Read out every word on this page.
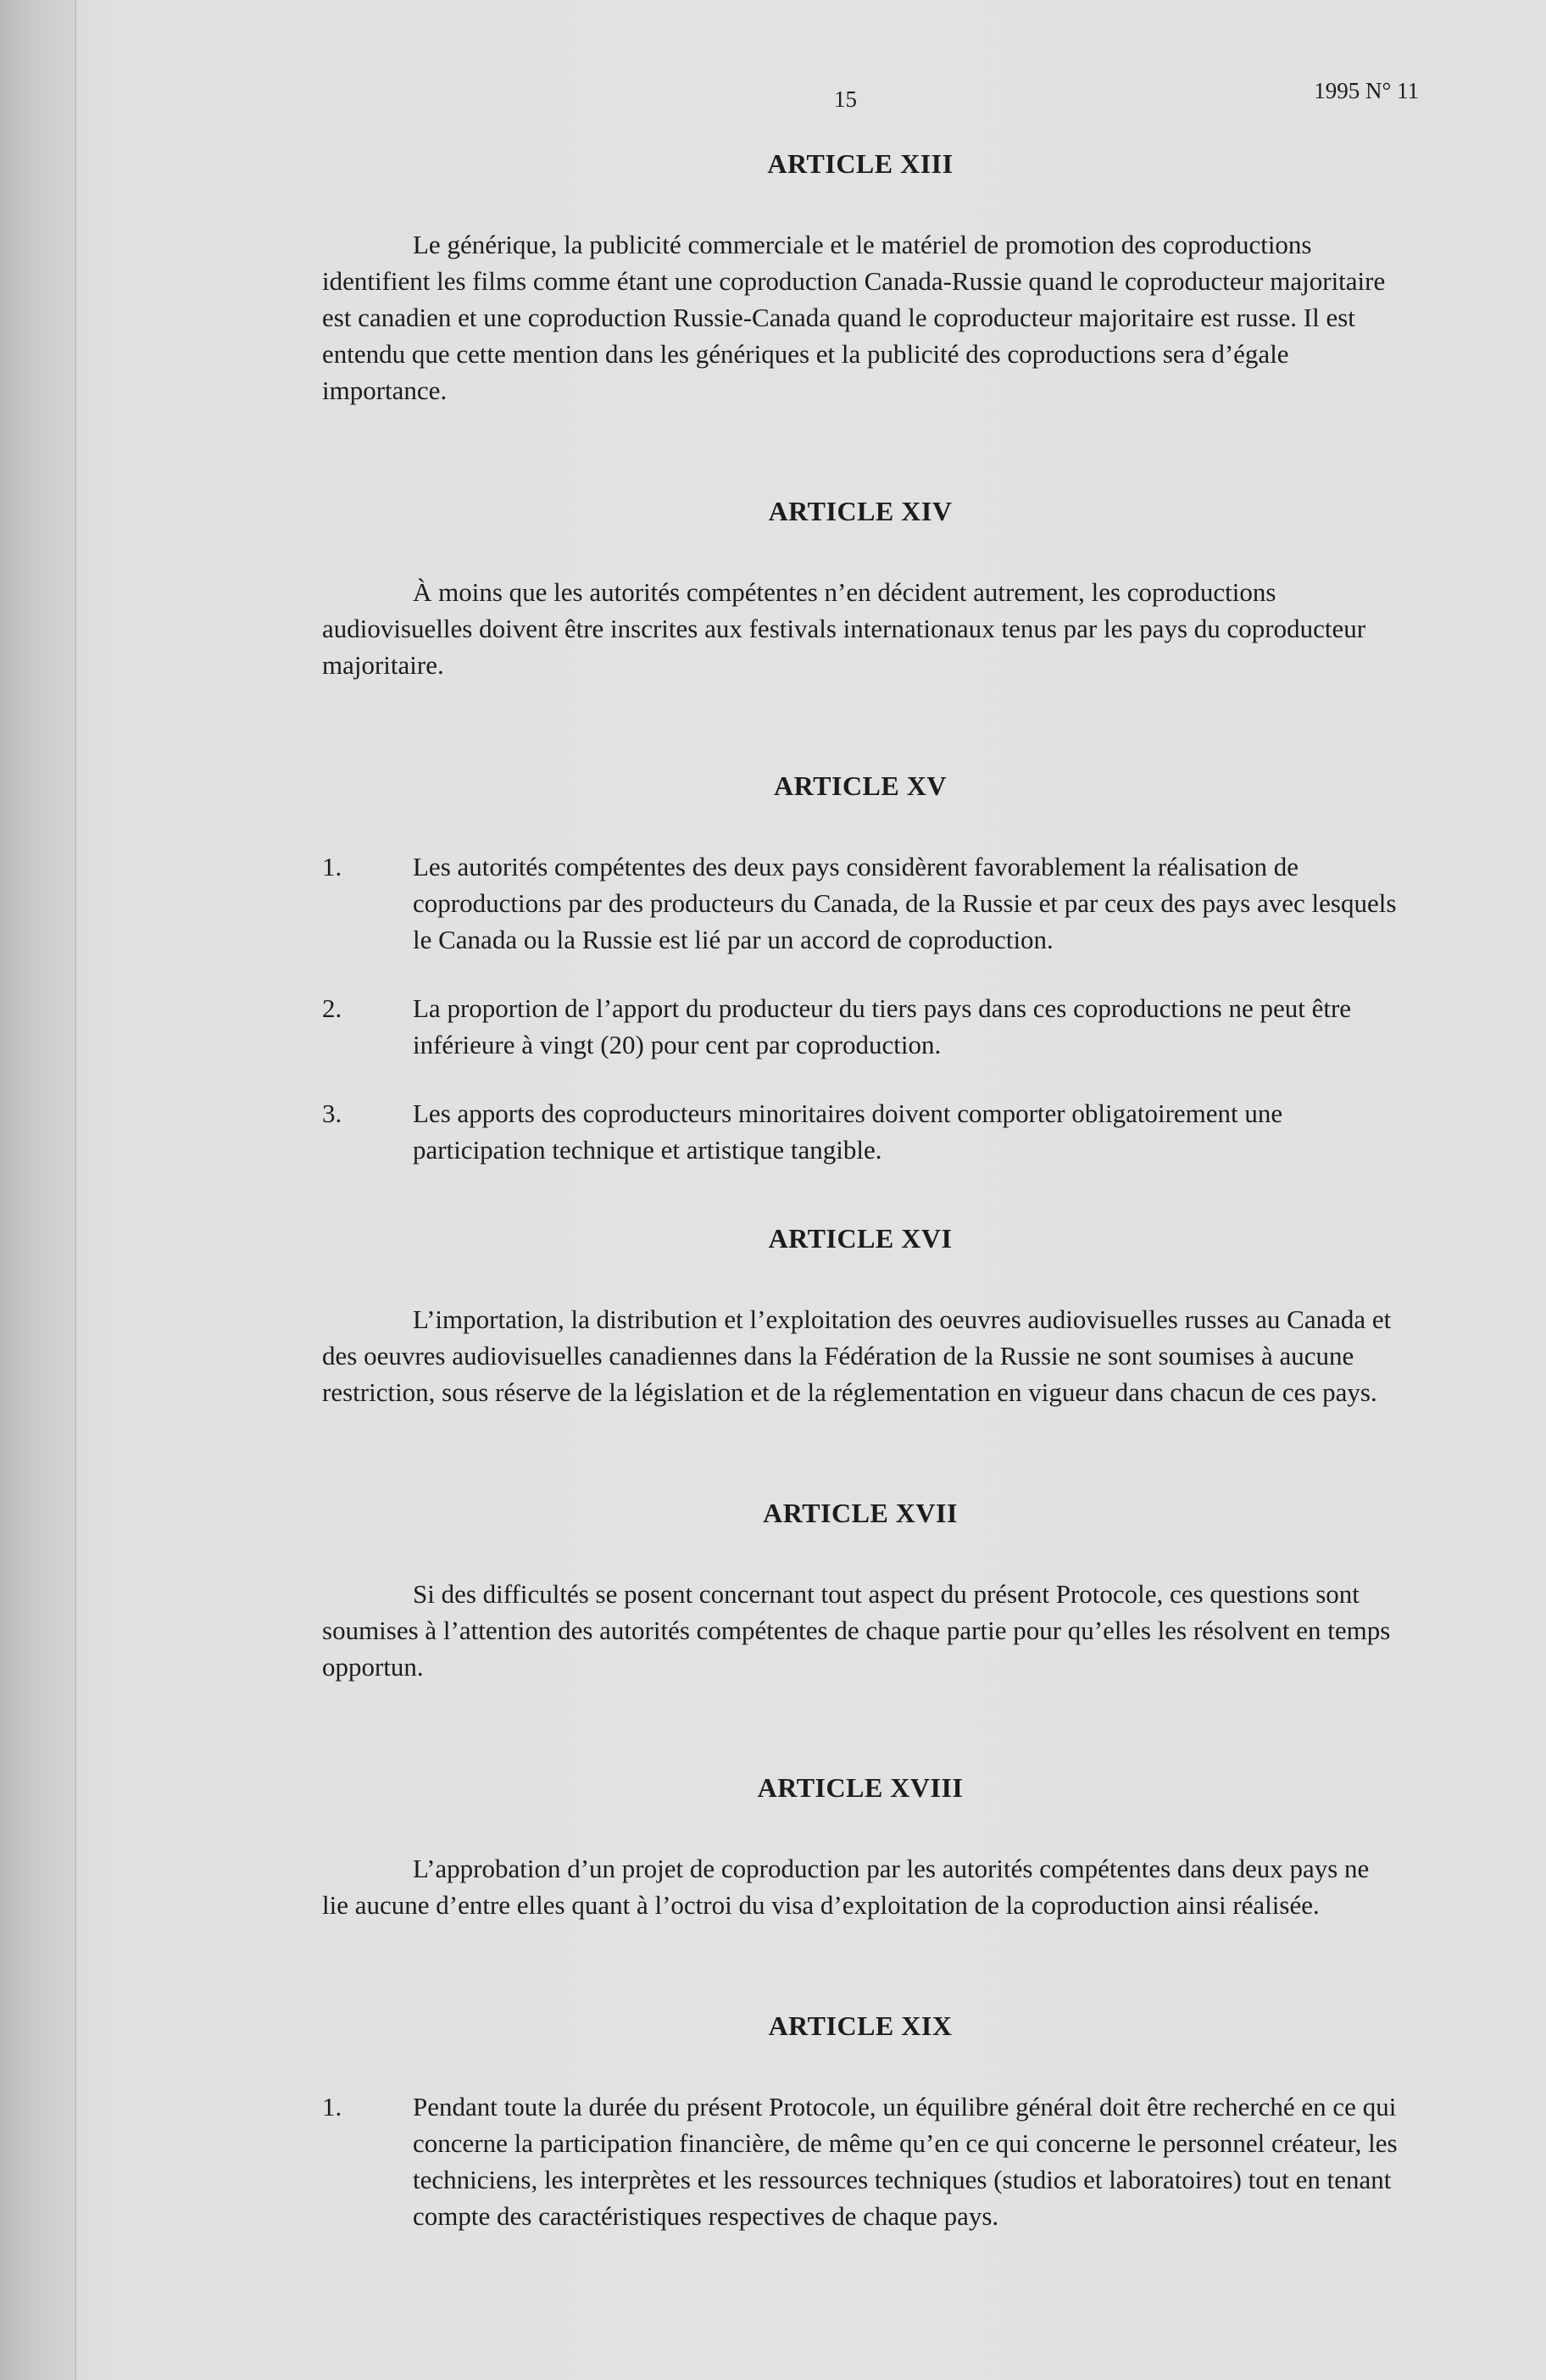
15	1995 N° 11
ARTICLE XIII

Le générique, la publicité commerciale et le matériel de promotion des coproductions identifient les films comme étant une coproduction Canada-Russie quand le coproducteur majoritaire est canadien et une coproduction Russie-Canada quand le coproducteur majoritaire est russe. Il est entendu que cette mention dans les génériques et la publicité des coproductions sera d’égale importance.

ARTICLE XIV

À moins que les autorités compétentes n’en décident autrement, les coproductions audiovisuelles doivent être inscrites aux festivals internationaux tenus par les pays du coproducteur majoritaire.

ARTICLE XV
1.	Les autorités compétentes des deux pays considèrent favorablement la réalisation de coproductions par des producteurs du Canada, de la Russie et par ceux des pays avec lesquels le Canada ou la Russie est lié par un accord de coproduction.
2.	La proportion de l’apport du producteur du tiers pays dans ces coproductions ne peut être inférieure à vingt (20) pour cent par coproduction.
3.	Les apports des coproducteurs minoritaires doivent comporter obligatoirement une participation technique et artistique tangible.
ARTICLE XVI

L’importation, la distribution et l’exploitation des oeuvres audiovisuelles russes au Canada et des oeuvres audiovisuelles canadiennes dans la Fédération de la Russie ne sont soumises à aucune restriction, sous réserve de la législation et de la réglementation en vigueur dans chacun de ces pays.

ARTICLE XVII

Si des difficultés se posent concernant tout aspect du présent Protocole, ces questions sont soumises à l’attention des autorités compétentes de chaque partie pour qu’elles les résolvent en temps opportun.

ARTICLE XVIII

L’approbation d’un projet de coproduction par les autorités compétentes dans deux pays ne lie aucune d’entre elles quant à l’octroi du visa d’exploitation de la coproduction ainsi réalisée.

ARTICLE XIX
1.	Pendant toute la durée du présent Protocole, un équilibre général doit être recherché en ce qui concerne la participation financière, de même qu’en ce qui concerne le personnel créateur, les techniciens, les interprètes et les ressources techniques (studios et laboratoires) tout en tenant compte des caractéristiques respectives de chaque pays.
